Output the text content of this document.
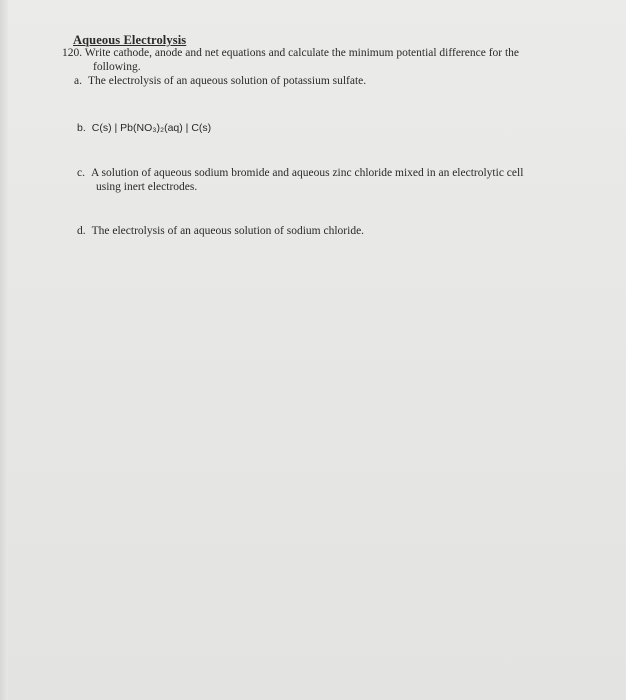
Aqueous Electrolysis
120. Write cathode, anode and net equations and calculate the minimum potential difference for the
following.
a. The electrolysis of an aqueous solution of potassium sulfate.
b. C(s) | Pb(NO₃)₂(aq) | C(s)
c. A solution of aqueous sodium bromide and aqueous zinc chloride mixed in an electrolytic cell
using inert electrodes.
d. The electrolysis of an aqueous solution of sodium chloride.
